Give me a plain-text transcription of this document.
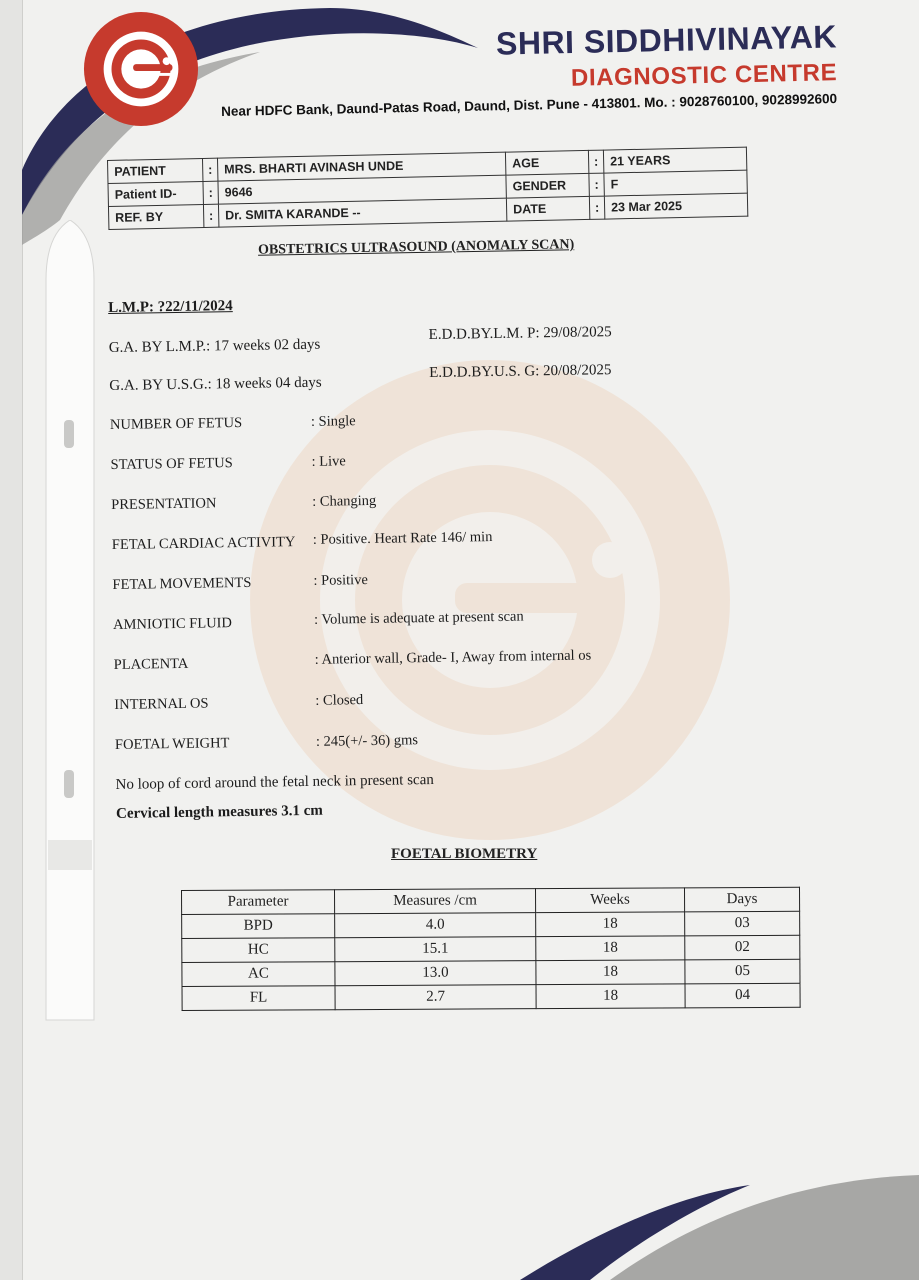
SHRI SIDDHIVINAYAK
DIAGNOSTIC CENTRE
Near HDFC Bank, Daund-Patas Road, Daund, Dist. Pune - 413801. Mo. : 9028760100, 9028992600
PATIENT	:	MRS. BHARTI AVINASH UNDE	AGE	:	21 YEARS
Patient ID-	:	9646	GENDER	:	F
REF. BY	:	Dr. SMITA KARANDE --	DATE	:	23 Mar 2025
OBSTETRICS ULTRASOUND (ANOMALY SCAN)
L.M.P: ?22/11/2024
G.A. BY L.M.P.: 17 weeks 02 days
E.D.D.BY.L.M. P: 29/08/2025
G.A. BY U.S.G.: 18 weeks 04 days
E.D.D.BY.U.S. G: 20/08/2025
NUMBER OF FETUS	: Single
STATUS OF FETUS	: Live
PRESENTATION	: Changing
FETAL CARDIAC ACTIVITY : Positive. Heart Rate 146/ min
FETAL MOVEMENTS	: Positive
AMNIOTIC FLUID	: Volume is adequate at present scan
PLACENTA	: Anterior wall, Grade- I, Away from internal os
INTERNAL OS	: Closed
FOETAL WEIGHT	: 245(+/- 36) gms
No loop of cord around the fetal neck in present scan
Cervical length measures 3.1 cm
FOETAL BIOMETRY
Parameter	Measures /cm	Weeks	Days
BPD	4.0	18	03
HC	15.1	18	02
AC	13.0	18	05
FL	2.7	18	04
